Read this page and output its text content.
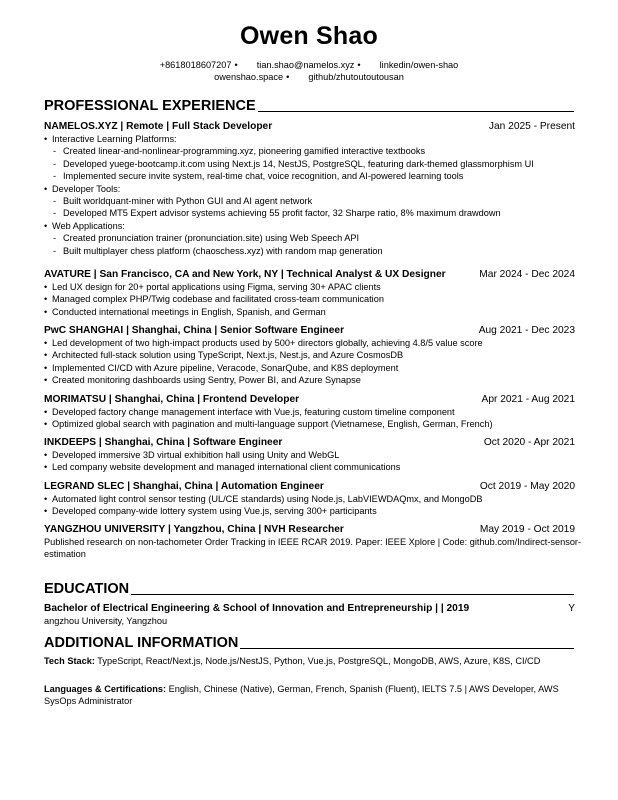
Owen Shao
+8618018607207 • tian.shao@namelos.xyz • linkedin/owen-shao
owenshao.space • github/zhutoutoutousan
PROFESSIONAL EXPERIENCE
NAMELOS.XYZ | Remote | Full Stack Developer	Jan 2025 - Present
• Interactive Learning Platforms:
- Created linear-and-nonlinear-programming.xyz, pioneering gamified interactive textbooks
- Developed yuege-bootcamp.it.com using Next.js 14, NestJS, PostgreSQL, featuring dark-themed glassmorphism UI
- Implemented secure invite system, real-time chat, voice recognition, and AI-powered learning tools
• Developer Tools:
- Built worldquant-miner with Python GUI and AI agent network
- Developed MT5 Expert advisor systems achieving 55 profit factor, 32 Sharpe ratio, 8% maximum drawdown
• Web Applications:
- Created pronunciation trainer (pronunciation.site) using Web Speech API
- Built multiplayer chess platform (chaoschess.xyz) with random map generation
AVATURE | San Francisco, CA and New York, NY | Technical Analyst & UX Designer	Mar 2024 - Dec 2024
• Led UX design for 20+ portal applications using Figma, serving 30+ APAC clients
• Managed complex PHP/Twig codebase and facilitated cross-team communication
• Conducted international meetings in English, Spanish, and German
PwC SHANGHAI | Shanghai, China | Senior Software Engineer	Aug 2021 - Dec 2023
• Led development of two high-impact products used by 500+ directors globally, achieving 4.8/5 value score
• Architected full-stack solution using TypeScript, Next.js, Nest.js, and Azure CosmosDB
• Implemented CI/CD with Azure pipeline, Veracode, SonarQube, and K8S deployment
• Created monitoring dashboards using Sentry, Power BI, and Azure Synapse
MORIMATSU | Shanghai, China | Frontend Developer	Apr 2021 - Aug 2021
• Developed factory change management interface with Vue.js, featuring custom timeline component
• Optimized global search with pagination and multi-language support (Vietnamese, English, German, French)
INKDEEPS | Shanghai, China | Software Engineer	Oct 2020 - Apr 2021
• Developed immersive 3D virtual exhibition hall using Unity and WebGL
• Led company website development and managed international client communications
LEGRAND SLEC | Shanghai, China | Automation Engineer	Oct 2019 - May 2020
• Automated light control sensor testing (UL/CE standards) using Node.js, LabVIEWDAQmx, and MongoDB
• Developed company-wide lottery system using Vue.js, serving 300+ participants
YANGZHOU UNIVERSITY | Yangzhou, China | NVH Researcher	May 2019 - Oct 2019
Published research on non-tachometer Order Tracking in IEEE RCAR 2019. Paper: IEEE Xplore | Code: github.com/Indirect-sensor-estimation
EDUCATION
Bachelor of Electrical Engineering & School of Innovation and Entrepreneurship | | 2019	Y
angzhou University, Yangzhou
ADDITIONAL INFORMATION
Tech Stack: TypeScript, React/Next.js, Node.js/NestJS, Python, Vue.js, PostgreSQL, MongoDB, AWS, Azure, K8S, CI/CD
Languages & Certifications: English, Chinese (Native), German, French, Spanish (Fluent), IELTS 7.5 | AWS Developer, AWS SysOps Administrator
